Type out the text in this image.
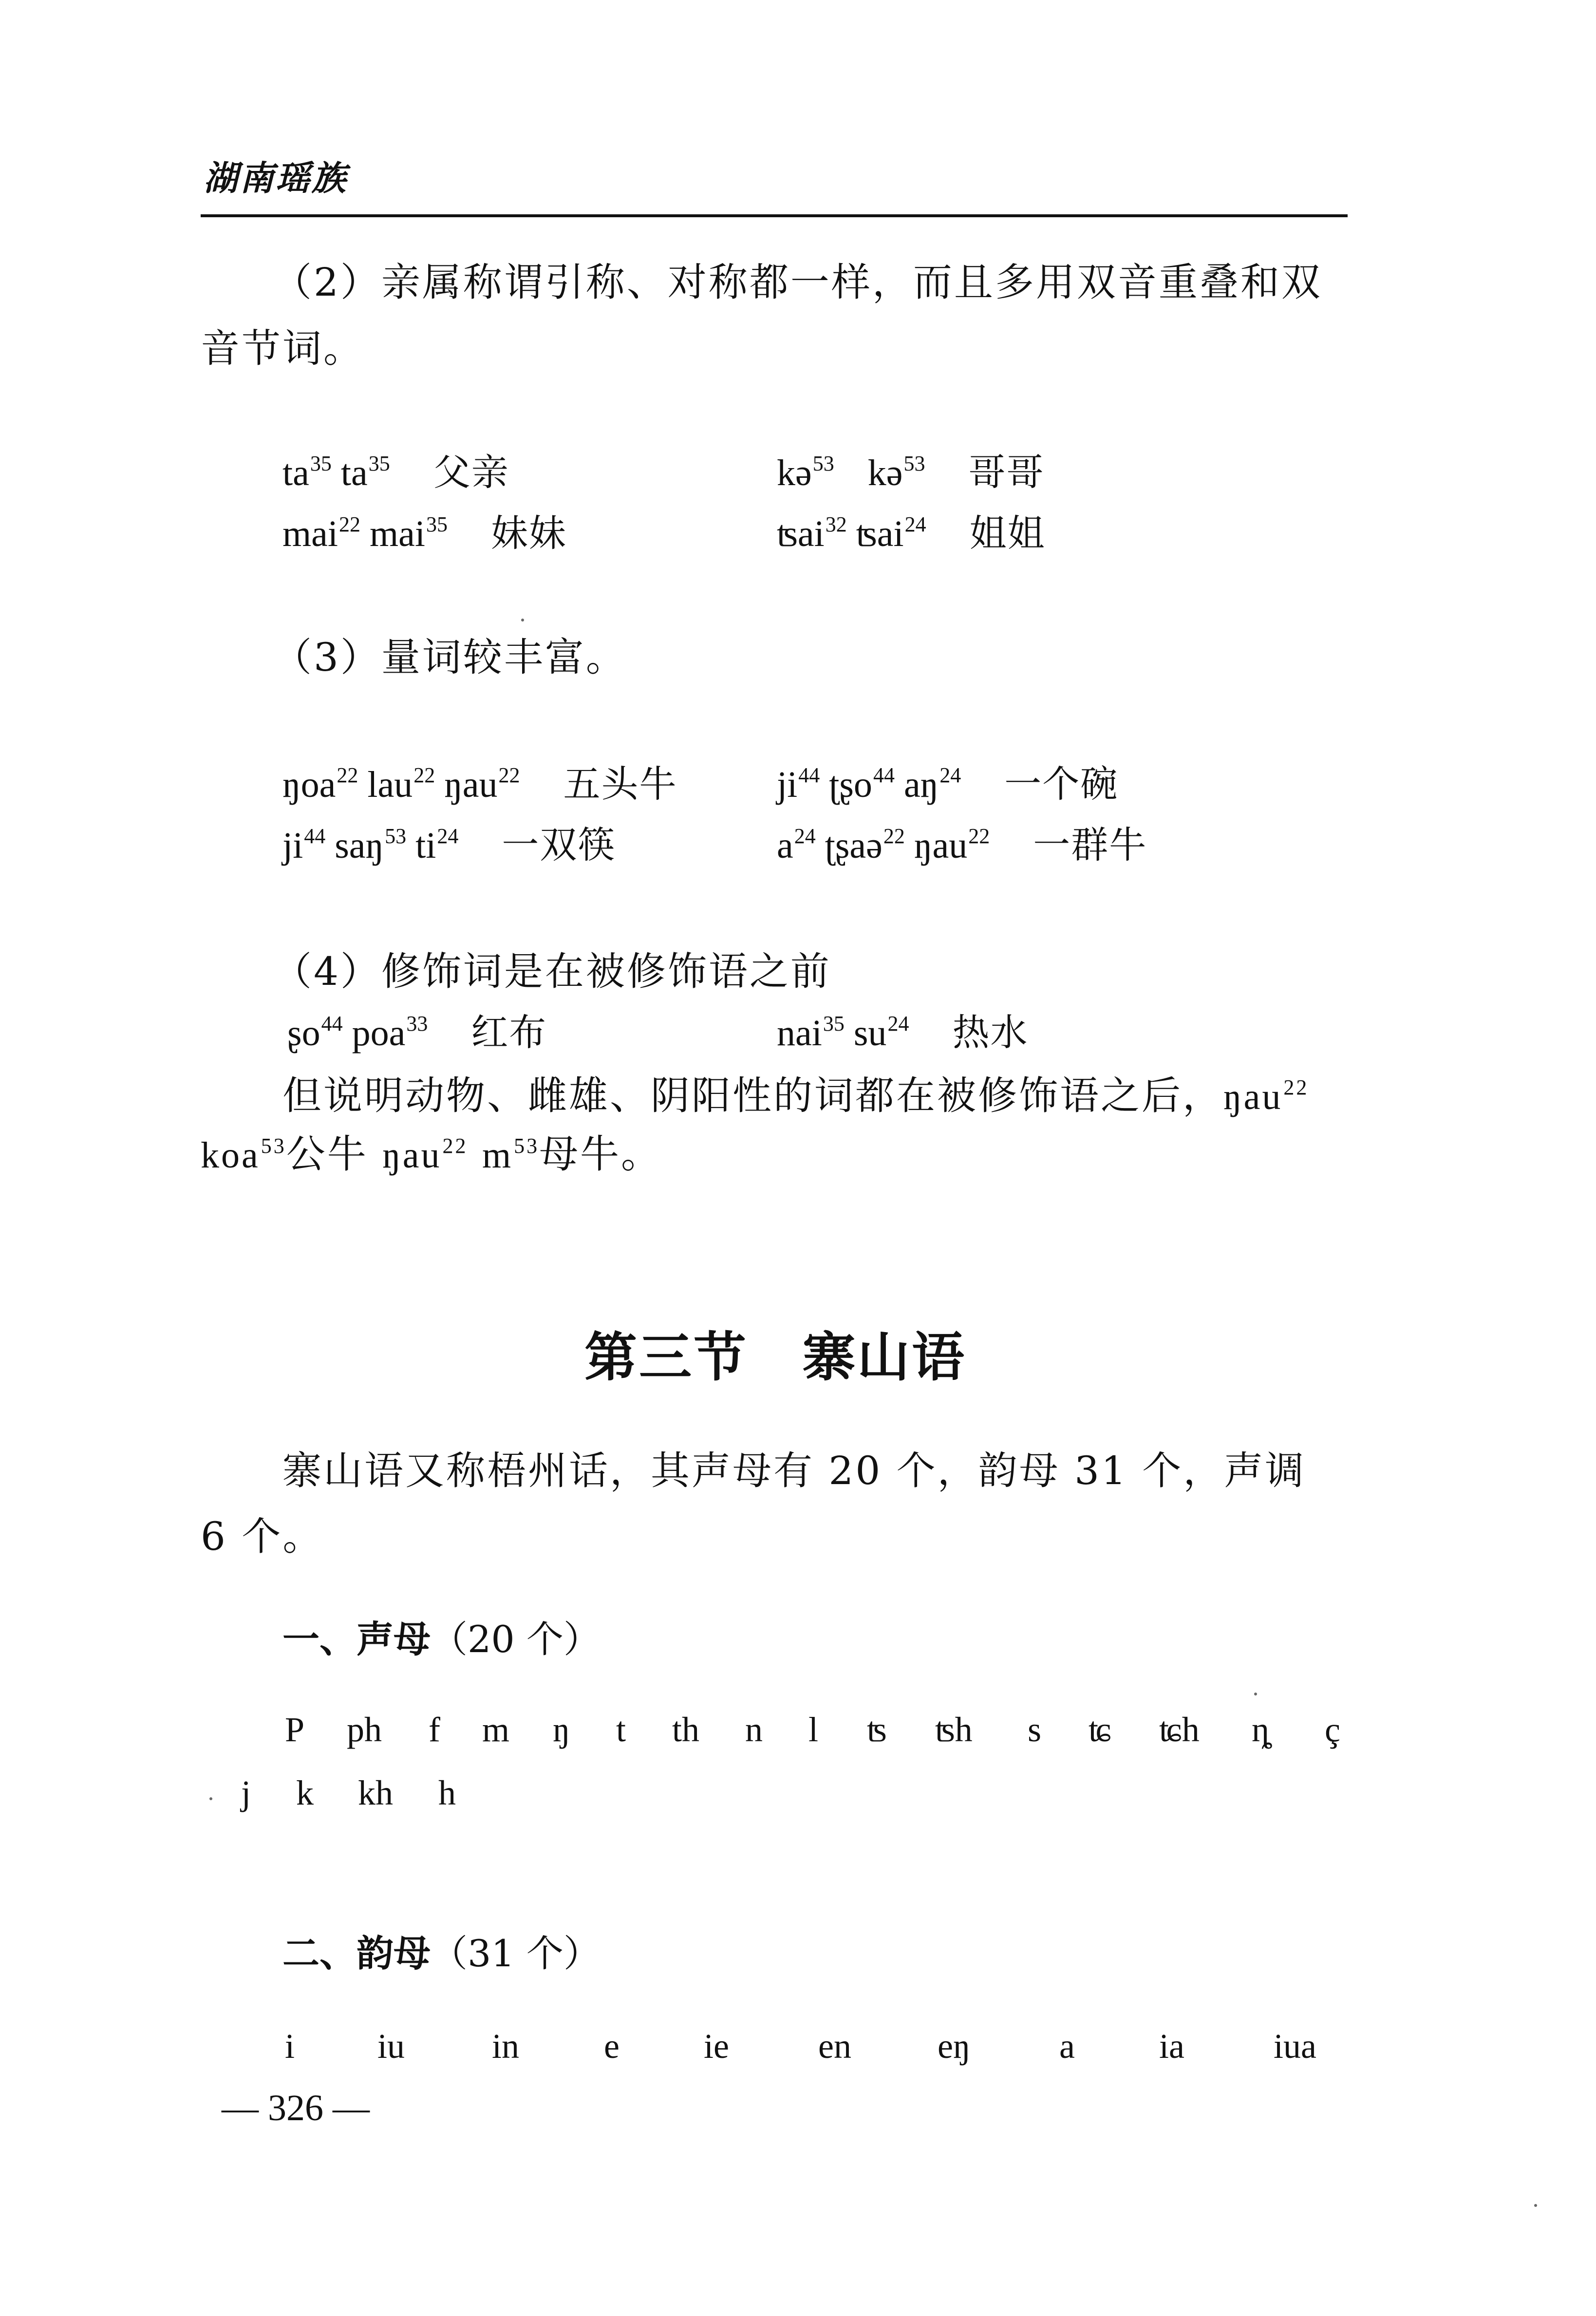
湖南瑶族
（2）亲属称谓引称、对称都一样，而且多用双音重叠和双
音节词。
$ta^{35}$ $ta^{35}$ 父亲	kə$^{53}$ kə$^{53}$ 哥哥
mai$^{22}$ mai$^{35}$ 妹妹	ʦai$^{32}$ ʦai$^{24}$ 姐姐
（3）量词较丰富。
ŋoa$^{22}$ lau$^{22}$ ŋau$^{22}$ 五头牛	$ji^{44}$ ʈʂo$^{44}$ $aŋ^{24}$ 一个碗
$ji^{44}$ saŋ$^{53}$ $ti^{24}$ 一双筷	$a^{24}$ ʈʂaə$^{22}$ ŋau$^{22}$ 一群牛
（4）修饰词是在被修饰语之前
ʂo$^{44}$ poa$^{33}$ 红布	nai$^{35}$ $su^{24}$ 热水
但说明动物、雌雄、阴阳性的词都在被修饰语之后，ŋau$^{22}$
koa$^{53}$公牛 ŋau$^{22}$ $m^{53}$母牛。
第三节　寨山语
寨山语又称梧州话，其声母有 20 个，韵母 31 个，声调
6 个。
一、声母（20 个）
P ph f m ŋ t th n l ʦ ʦh s ʨ ʨh ȵ ç
j k kh h
二、韵母（31 个）
i iu in e ie	en eŋ	a ia	iua
— 326 —
